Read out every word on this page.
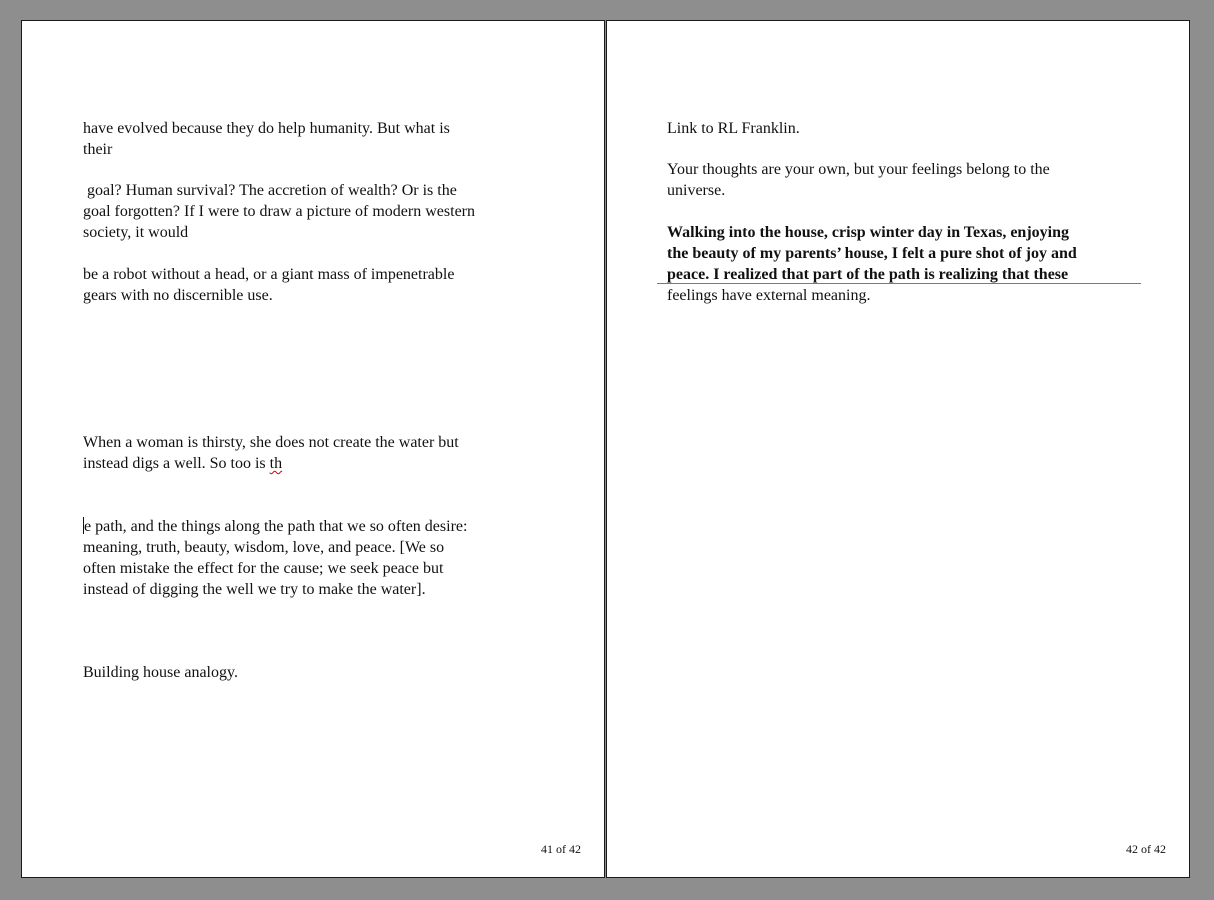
have evolved because they do help humanity. But what is
their

goal? Human survival? The accretion of wealth? Or is the
goal forgotten? If I were to draw a picture of modern western
society, it would

be a robot without a head, or a giant mass of impenetrable
gears with no discernible use.

When a woman is thirsty, she does not create the water but
instead digs a well. So too is th

e path, and the things along the path that we so often desire:
meaning, truth, beauty, wisdom, love, and peace. [We so
often mistake the effect for the cause; we seek peace but
instead of digging the well we try to make the water].

Building house analogy.

41 of 42

Link to RL Franklin.

Your thoughts are your own, but your feelings belong to the
universe.

Walking into the house, crisp winter day in Texas, enjoying
the beauty of my parents’ house, I felt a pure shot of joy and
peace. I realized that part of the path is realizing that these

feelings have external meaning.

42 of 42
